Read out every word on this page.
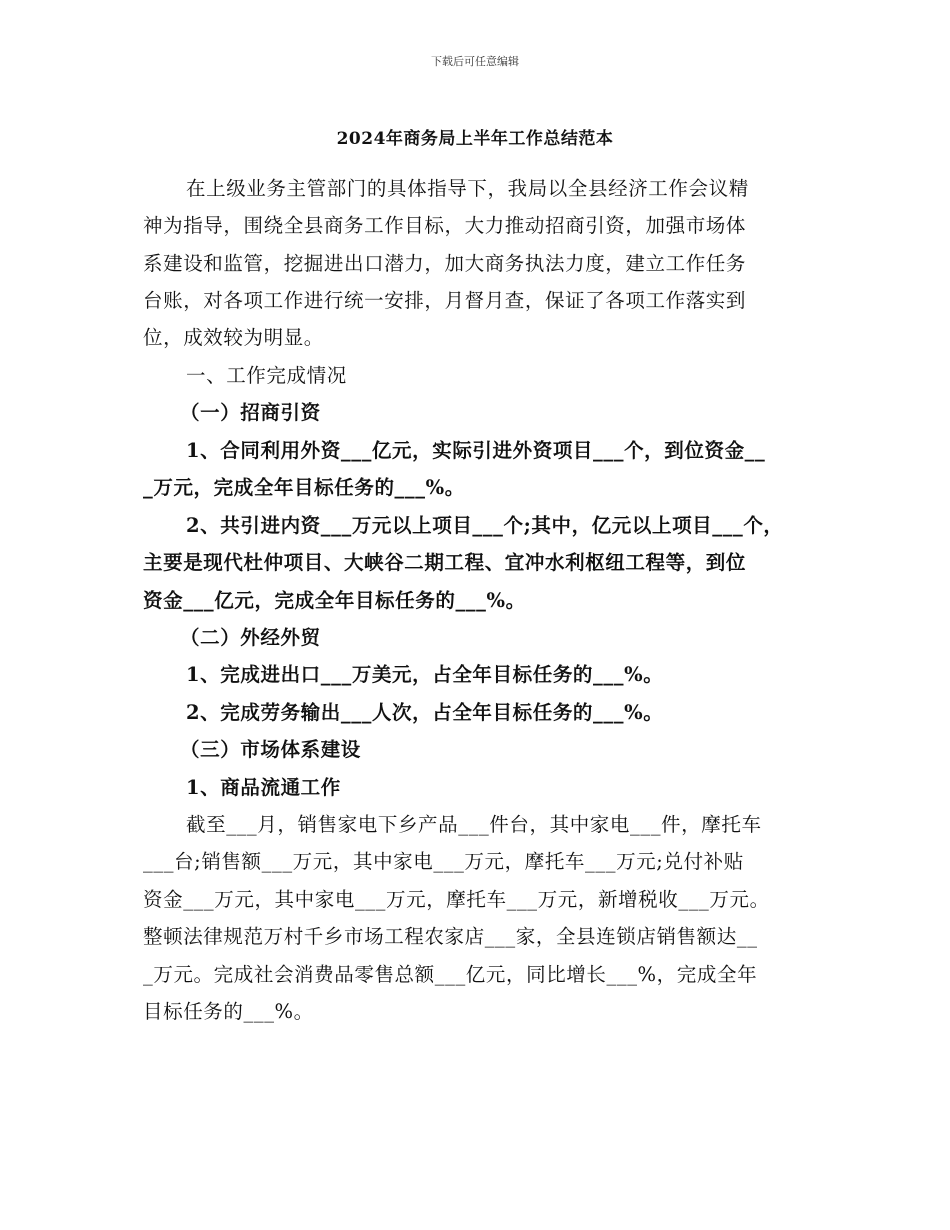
下载后可任意编辑
2024年商务局上半年工作总结范本
在上级业务主管部门的具体指导下，我局以全县经济工作会议精
神为指导，围绕全县商务工作目标，大力推动招商引资，加强市场体
系建设和监管，挖掘进出口潜力，加大商务执法力度，建立工作任务
台账，对各项工作进行统一安排，月督月查，保证了各项工作落实到
位，成效较为明显。
一、工作完成情况
（一）招商引资
1、合同利用外资___亿元，实际引进外资项目___个，到位资金__
_万元，完成全年目标任务的___%。
2、共引进内资___万元以上项目___个;其中，亿元以上项目___个，
主要是现代杜仲项目、大峡谷二期工程、宜冲水利枢纽工程等，到位
资金___亿元，完成全年目标任务的___%。
（二）外经外贸
1、完成进出口___万美元，占全年目标任务的___%。
2、完成劳务输出___人次，占全年目标任务的___%。
（三）市场体系建设
1、商品流通工作
截至___月，销售家电下乡产品___件台，其中家电___件，摩托车
___台;销售额___万元，其中家电___万元，摩托车___万元;兑付补贴
资金___万元，其中家电___万元，摩托车___万元，新增税收___万元。
整顿法律规范万村千乡市场工程农家店___家，全县连锁店销售额达__
_万元。完成社会消费品零售总额___亿元，同比增长___%，完成全年
目标任务的___%。
